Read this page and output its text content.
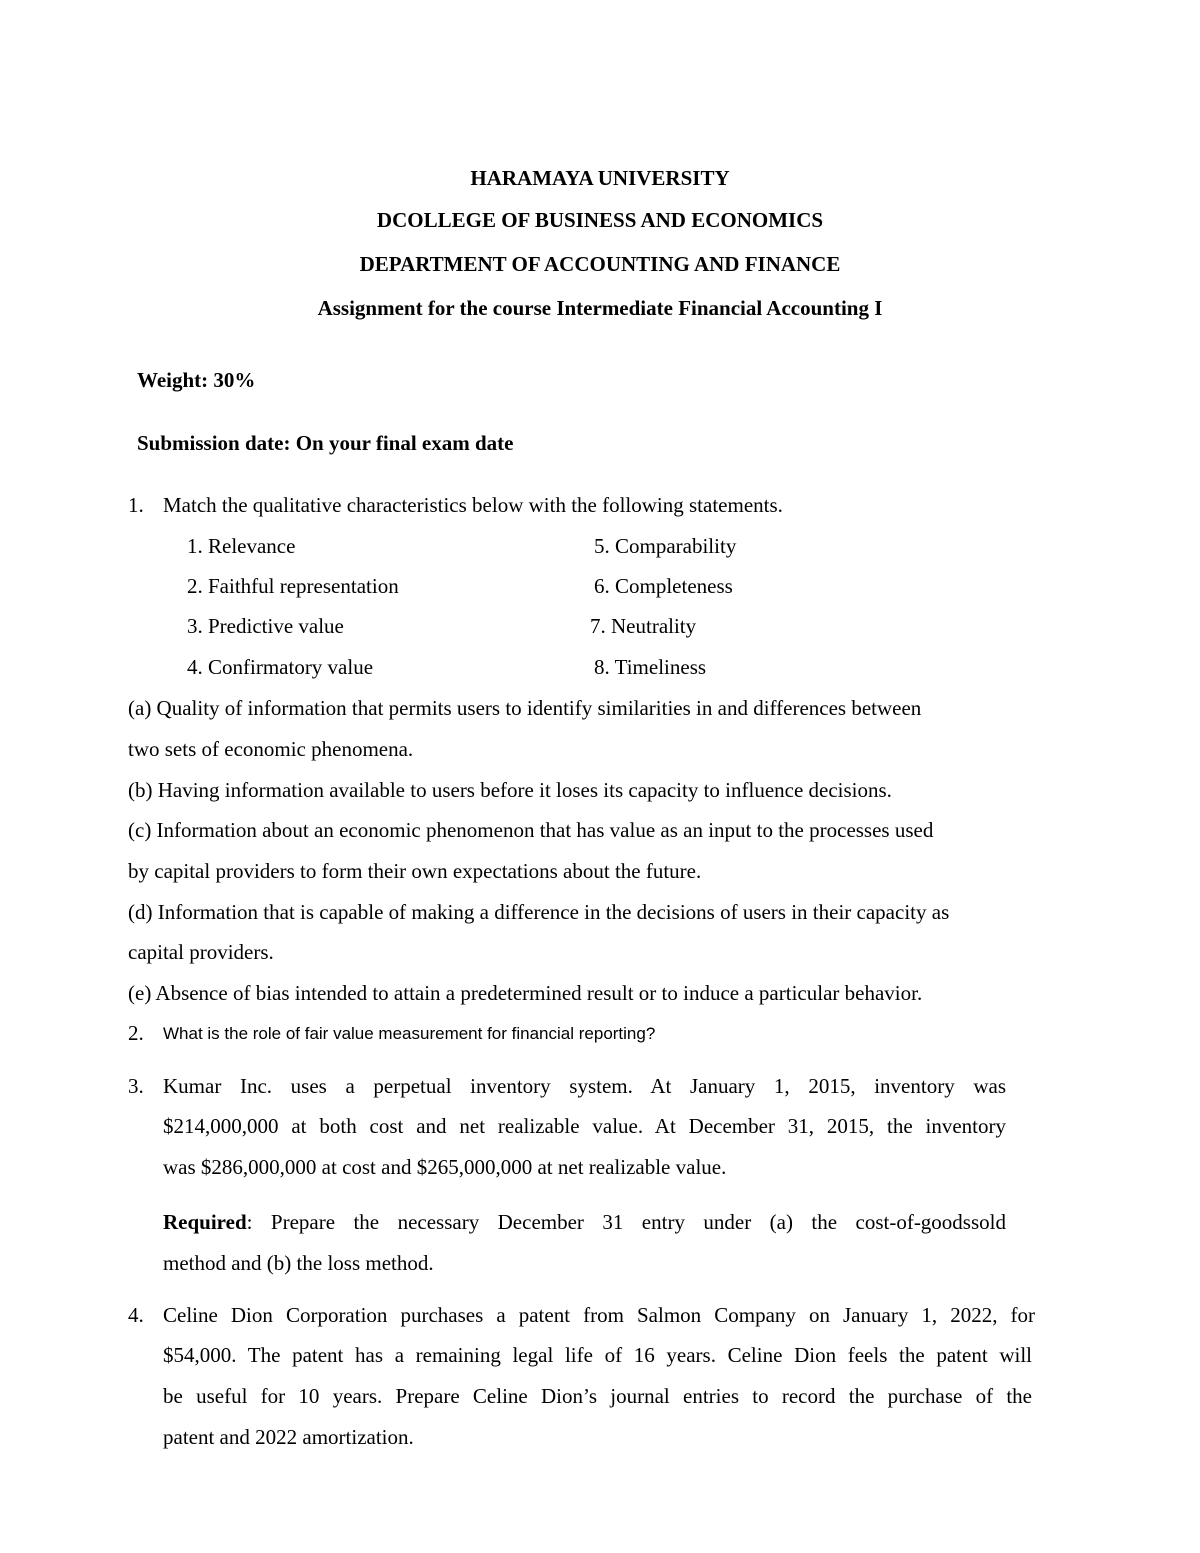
HARAMAYA UNIVERSITY
DCOLLEGE OF BUSINESS AND ECONOMICS
DEPARTMENT OF ACCOUNTING AND FINANCE
Assignment for the course Intermediate Financial Accounting I
Weight: 30%
Submission date: On your final exam date
1. Match the qualitative characteristics below with the following statements.
1. Relevance
2. Faithful representation
3. Predictive value
4. Confirmatory value
5. Comparability
6. Completeness
7. Neutrality
8. Timeliness
(a) Quality of information that permits users to identify similarities in and differences between
two sets of economic phenomena.
(b) Having information available to users before it loses its capacity to influence decisions.
(c) Information about an economic phenomenon that has value as an input to the processes used
by capital providers to form their own expectations about the future.
(d) Information that is capable of making a difference in the decisions of users in their capacity as
capital providers.
(e) Absence of bias intended to attain a predetermined result or to induce a particular behavior.
2. What is the role of fair value measurement for financial reporting?
3. Kumar Inc. uses a perpetual inventory system. At January 1, 2015, inventory was
$214,000,000 at both cost and net realizable value. At December 31, 2015, the inventory
was $286,000,000 at cost and $265,000,000 at net realizable value.
Required: Prepare the necessary December 31 entry under (a) the cost-of-goodssold
method and (b) the loss method.
4. Celine Dion Corporation purchases a patent from Salmon Company on January 1, 2022, for
$54,000. The patent has a remaining legal life of 16 years. Celine Dion feels the patent will
be useful for 10 years. Prepare Celine Dion’s journal entries to record the purchase of the
patent and 2022 amortization.
